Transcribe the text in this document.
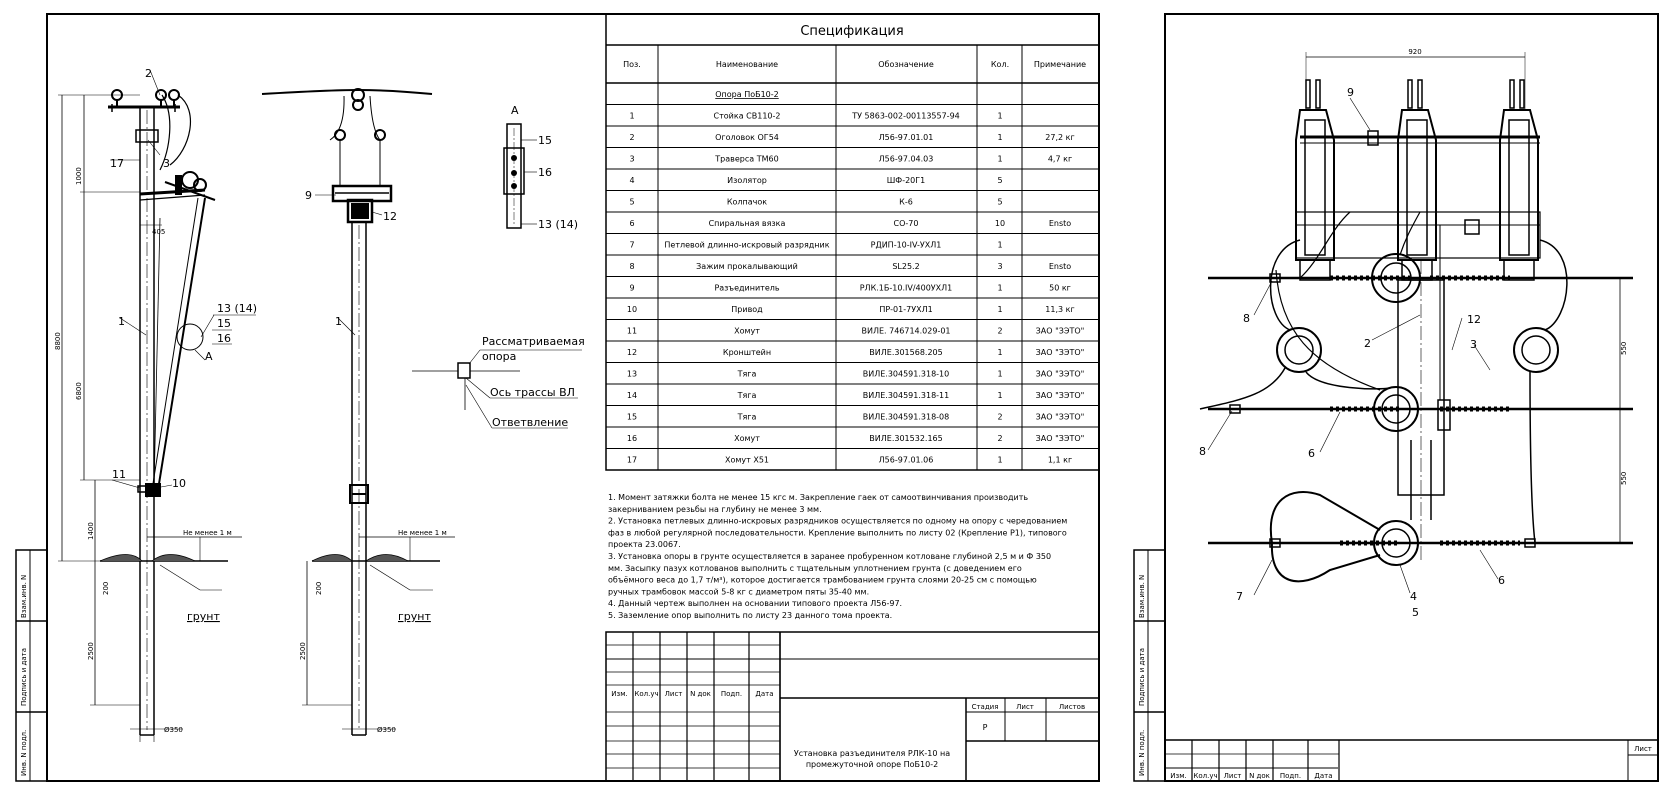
Взам.инв. N
Подпись и дата
Инв. N подл.
2
17	3
1
13 (14)
15
16
А
11
10
1000
405
8800
6800
1400
200
2500
Не менее 1 м
Ø350
грунт
9
12
1
Не менее 1 м
200
2500
Ø350
грунт
А
15
16
13 (14)
Рассматриваемая
опора
Ось трассы ВЛ
Ответвление
Спецификация
Поз.	Наименование	Обозначение	Кол.	Примечание
Опора ПоБ10-2
1	Стойка СВ110-2	ТУ 5863-002-00113557-94	1
2	Оголовок ОГ54	Л56-97.01.01	1	27,2 кг
3	Траверса ТМ60	Л56-97.04.03	1	4,7 кг
4	Изолятор	ШФ-20Г1	5
5	Колпачок	К-6	5
6	Спиральная вязка	СО-70	10	Ensto
7	Петлевой длинно-искровый разрядник	РДИП-10-IV-УХЛ1	1
8	Зажим прокалывающий	SL25.2	3	Ensto
9	Разъединитель	РЛК.1Б-10.IV/400УХЛ1	1	50 кг
10	Привод	ПР-01-7УХЛ1	1	11,3 кг
11	Хомут	ВИЛЕ. 746714.029-01	2	ЗАО "ЗЭТО"
12	Кронштейн	ВИЛЕ.301568.205	1	ЗАО "ЗЭТО"
13	Тяга	ВИЛЕ.304591.318-10	1	ЗАО "ЗЭТО"
14	Тяга	ВИЛЕ.304591.318-11	1	ЗАО "ЗЭТО"
15	Тяга	ВИЛЕ.304591.318-08	2	ЗАО "ЗЭТО"
16	Хомут	ВИЛЕ.301532.165	2	ЗАО "ЗЭТО"
17	Хомут Х51	Л56-97.01.06	1	1,1 кг
1. Момент затяжки болта не менее 15 кгс м. Закрепление гаек от самоотвинчивания производить
закерниванием резьбы на глубину не менее 3 мм.
2. Установка петлевых длинно-искровых разрядников осуществляется по одному на опору с чередованием
фаз в любой регулярной последовательности. Крепление выполнить по листу 02 (Крепление Р1), типового
проекта 23.0067.
3. Установка опоры в грунте осуществляется в заранее пробуренном котловане глубиной 2,5 м и Ф 350
мм. Засыпку пазух котлованов выполнить с тщательным уплотнением грунта (с доведением его
объёмного веса до 1,7 т/м³), которое достигается трамбованием грунта слоями 20-25 см с помощью
ручных трамбовок массой 5-8 кг с диаметром пяты 35-40 мм.
4. Данный чертеж выполнен на основании типового проекта Л56-97.
5. Заземление опор выполнить по листу 23 данного тома проекта.
Изм. Кол.уч Лист N док Подп. Дата
Стадия	Лист	Листов
Р
Установка разъединителя РЛК-10 на
промежуточной опоре ПоБ10-2
Взам.инв. N
Подпись и дата
Инв. N подл.	Изм. Кол.уч Лист N док Подп. Дата
Лист
920
550
550
9
8
2
12
3
8	6
6
7	4
5
